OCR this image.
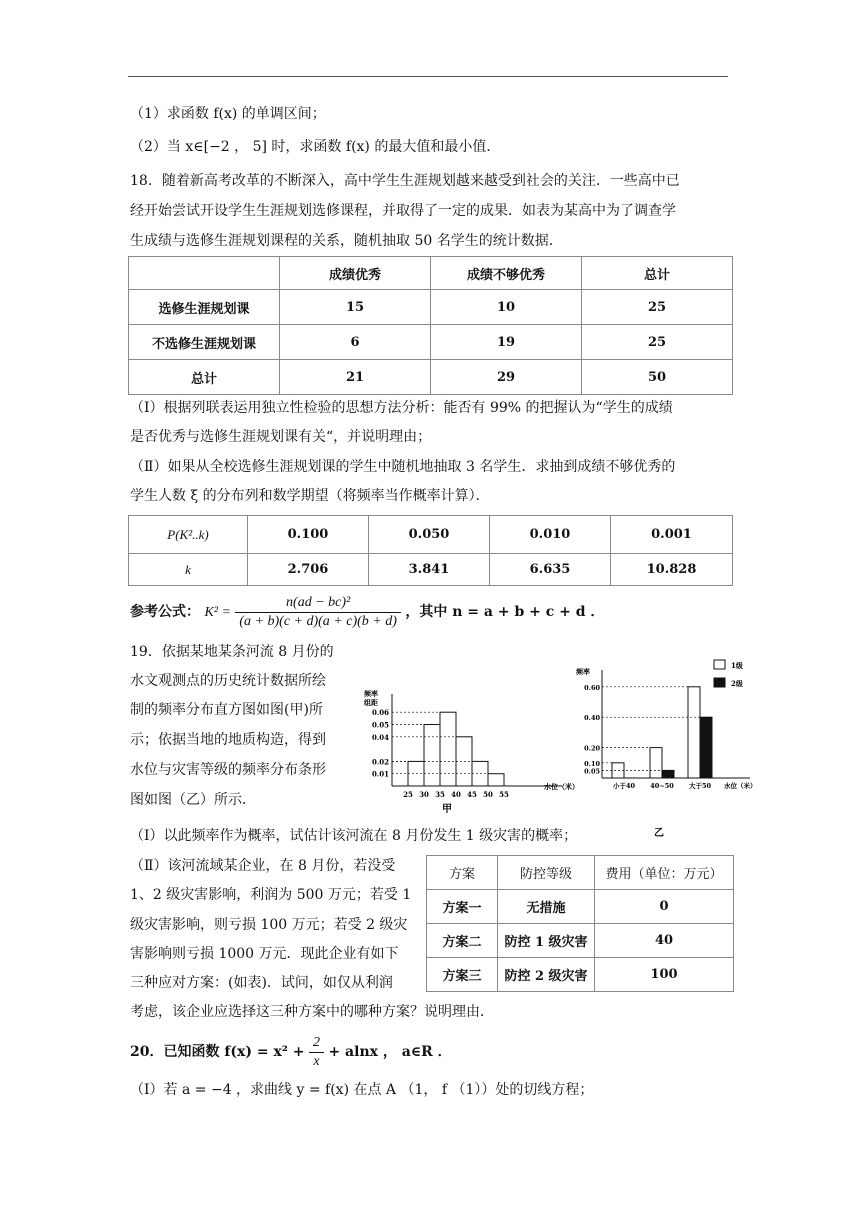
（1）求函数 f(x) 的单调区间；
（2）当 x∈[−2 ， 5] 时，求函数 f(x) 的最大值和最小值．
18．随着新高考改革的不断深入，高中学生生涯规划越来越受到社会的关注．一些高中已
经开始尝试开设学生生涯规划选修课程，并取得了一定的成果．如表为某高中为了调查学
生成绩与选修生涯规划课程的关系，随机抽取 50 名学生的统计数据．
	成绩优秀	成绩不够优秀	总计
选修生涯规划课	15	10	25
不选修生涯规划课	6	19	25
总计	21	29	50
（Ⅰ）根据列联表运用独立性检验的思想方法分析：能否有 99% 的把握认为“学生的成绩
是否优秀与选修生涯规划课有关“，并说明理由；
（Ⅱ）如果从全校选修生涯规划课的学生中随机地抽取 3 名学生．求抽到成绩不够优秀的
学生人数 ξ 的分布列和数学期望（将频率当作概率计算）．
P(K²..k)	0.100	0.050	0.010	0.001
k	2.706	3.841	6.635	10.828
参考公式： $K^2 = \frac{\text{n(ad − bc)²}}{(a + b)(c + d)(a + c)(b + d)}$ ，其中 n = a + b + c + d ．
19．依据某地某条河流 8 月份的
水文观测点的历史统计数据所绘
制的频率分布直方图如图(甲)所
示；依据当地的地质构造，得到
水位与灾害等级的频率分布条形
图如图（乙）所示．
频率
组距
0.06
0.05
0.04
0.02
0.01
25 30 35 40 45 50 55
水位（米）
甲
频率
小于40 40~50 大于50
0.60
0.40
0.20
0.10
0.05
水位（米）
1级
2级
乙
（Ⅰ）以此频率作为概率，试估计该河流在 8 月份发生 1 级灾害的概率；
（Ⅱ）该河流域某企业，在 8 月份，若没受
1、2 级灾害影响，利润为 500 万元；若受 1
级灾害影响，则亏损 100 万元；若受 2 级灾
害影响则亏损 1000 万元．现此企业有如下
三种应对方案：(如表)．试问，如仅从利润
方案	防控等级	费用（单位：万元）
方案一	无措施	0
方案二	防控 1 级灾害	40
方案三	防控 2 级灾害	100
考虑，该企业应选择这三种方案中的哪种方案？说明理由．
20．已知函数 $f(x) = x^2 + \frac{2}{x} + alnx$ ， a∈R ．
（Ⅰ）若 a = −4 ，求曲线 y = f(x) 在点 A （1， f （1））处的切线方程；
